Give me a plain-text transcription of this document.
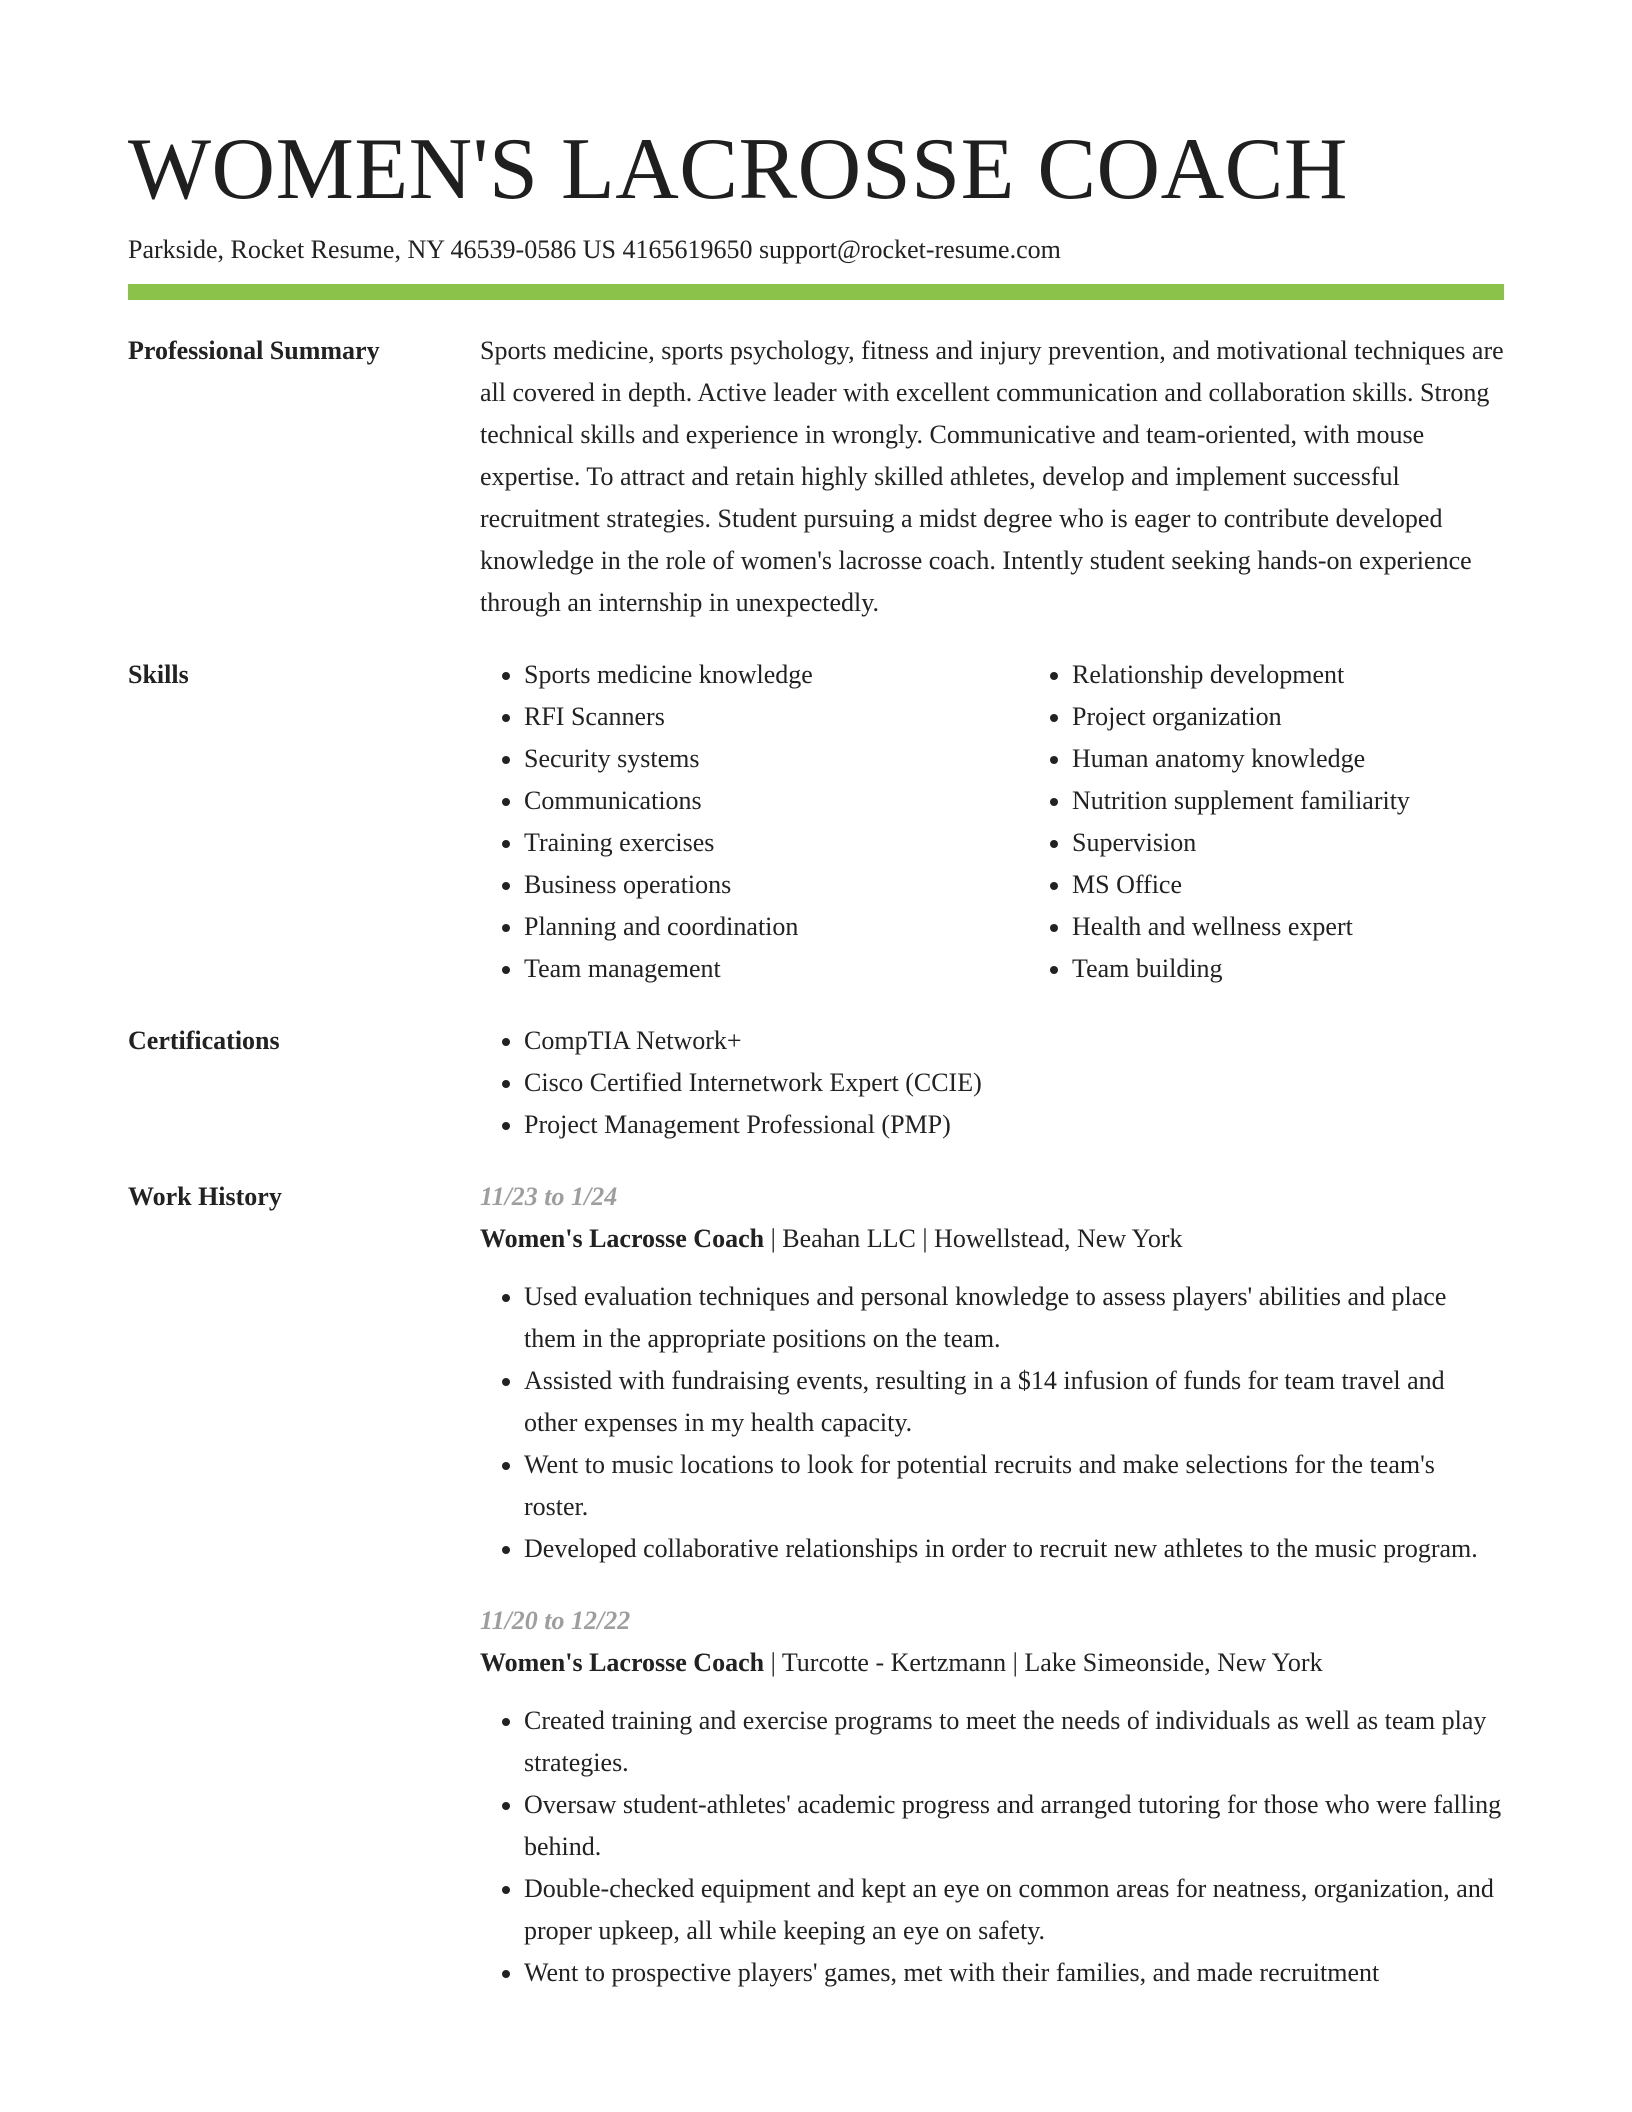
WOMEN'S LACROSSE COACH
Parkside, Rocket Resume, NY 46539-0586 US 4165619650 support@rocket-resume.com
Professional Summary	Sports medicine, sports psychology, fitness and injury prevention, and motivational techniques are all covered in depth. Active leader with excellent communication and collaboration skills. Strong technical skills and experience in wrongly. Communicative and team-oriented, with mouse expertise. To attract and retain highly skilled athletes, develop and implement successful recruitment strategies. Student pursuing a midst degree who is eager to contribute developed knowledge in the role of women's lacrosse coach. Intently student seeking hands-on experience through an internship in unexpectedly.

Skills	• Sports medicine knowledge
• RFI Scanners
• Security systems
• Communications
• Training exercises
• Business operations
• Planning and coordination
• Team management
• Relationship development
• Project organization
• Human anatomy knowledge
• Nutrition supplement familiarity
• Supervision
• MS Office
• Health and wellness expert
• Team building
Certifications	• CompTIA Network+
• Cisco Certified Internetwork Expert (CCIE)
• Project Management Professional (PMP)
Work History	11/23 to 1/24
Women's Lacrosse Coach | Beahan LLC | Howellstead, New York
• Used evaluation techniques and personal knowledge to assess players' abilities and place them in the appropriate positions on the team.
• Assisted with fundraising events, resulting in a $14 infusion of funds for team travel and other expenses in my health capacity.
• Went to music locations to look for potential recruits and make selections for the team's roster.
• Developed collaborative relationships in order to recruit new athletes to the music program.
11/20 to 12/22
Women's Lacrosse Coach | Turcotte - Kertzmann | Lake Simeonside, New York
• Created training and exercise programs to meet the needs of individuals as well as team play strategies.
• Oversaw student-athletes' academic progress and arranged tutoring for those who were falling behind.
• Double-checked equipment and kept an eye on common areas for neatness, organization, and proper upkeep, all while keeping an eye on safety.
• Went to prospective players' games, met with their families, and made recruitment
